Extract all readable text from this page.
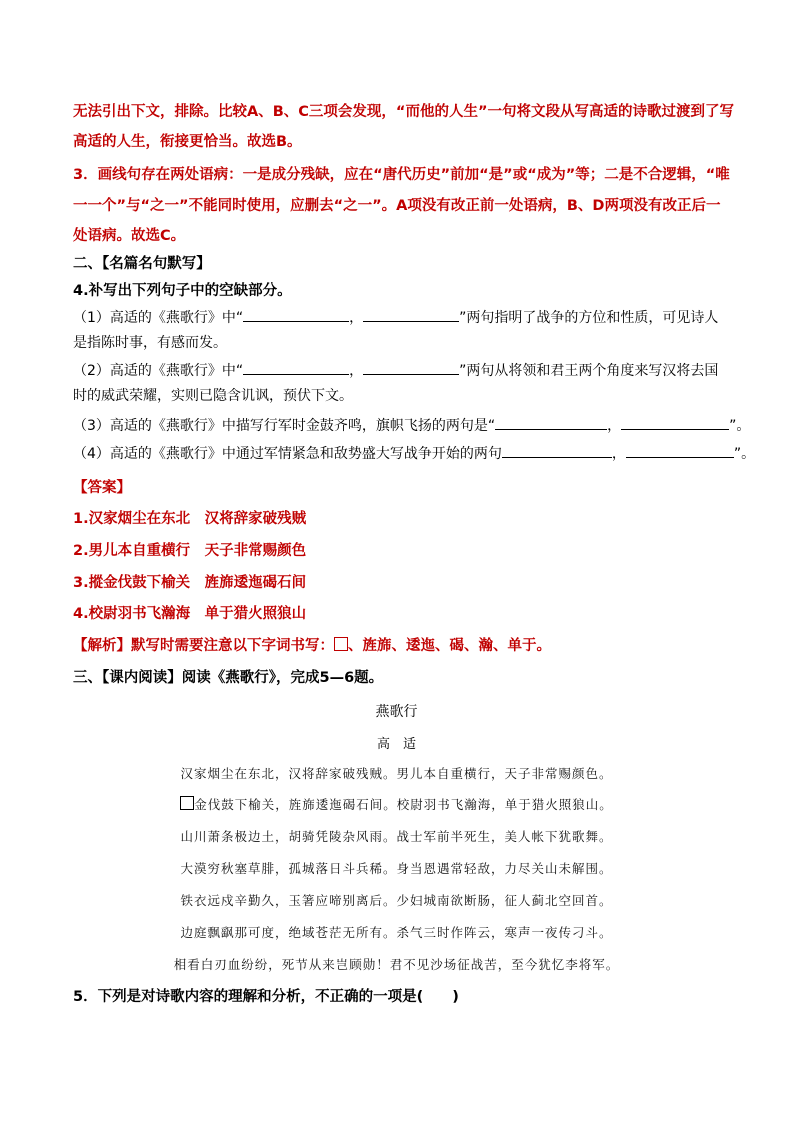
无法引出下文，排除。比较A、B、C三项会发现，“而他的人生”一句将文段从写高适的诗歌过渡到了写
高适的人生，衔接更恰当。故选B。
3．画线句存在两处语病：一是成分残缺，应在“唐代历史”前加“是”或“成为”等；二是不合逻辑，“唯
一一个”与“之一”不能同时使用，应删去“之一”。A项没有改正前一处语病，B、D两项没有改正后一
处语病。故选C。
二、【名篇名句默写】
4.补写出下列句子中的空缺部分。
（1）高适的《燕歌行》中“	，	”两句指明了战争的方位和性质，可见诗人
是指陈时事，有感而发。
（2）高适的《燕歌行》中“	，	”两句从将领和君王两个角度来写汉将去国
时的威武荣耀，实则已隐含讥讽，预伏下文。
（3）高适的《燕歌行》中描写行军时金鼓齐鸣，旗帜飞扬的两句是“	，	”。
（4）高适的《燕歌行》中通过军情紧急和敌势盛大写战争开始的两句	，	”。
【答案】
1.汉家烟尘在东北　汉将辞家破残贼
2.男儿本自重横行　天子非常赐颜色
3.摐金伐鼓下榆关　旌旆逶迤碣石间
4.校尉羽书飞瀚海　单于猎火照狼山
【解析】默写时需要注意以下字词书写： 、旌旆、逶迤、碣、瀚、单于。
三、【课内阅读】阅读《燕歌行》，完成5—6题。
燕歌行
高　适
汉家烟尘在东北，汉将辞家破残贼。男儿本自重横行，天子非常赐颜色。
金伐鼓下榆关，旌旆逶迤碣石间。校尉羽书飞瀚海，单于猎火照狼山。
山川萧条极边土，胡骑凭陵杂风雨。战士军前半死生，美人帐下犹歌舞。
大漠穷秋塞草腓，孤城落日斗兵稀。身当恩遇常轻敌，力尽关山未解围。
铁衣远戍辛勤久，玉箸应啼别离后。少妇城南欲断肠，征人蓟北空回首。
边庭飘飖那可度，绝域苍茫无所有。杀气三时作阵云，寒声一夜传刁斗。
相看白刃血纷纷，死节从来岂顾勋！君不见沙场征战苦，至今犹忆李将军。
5．下列是对诗歌内容的理解和分析，不正确的一项是(　　)
